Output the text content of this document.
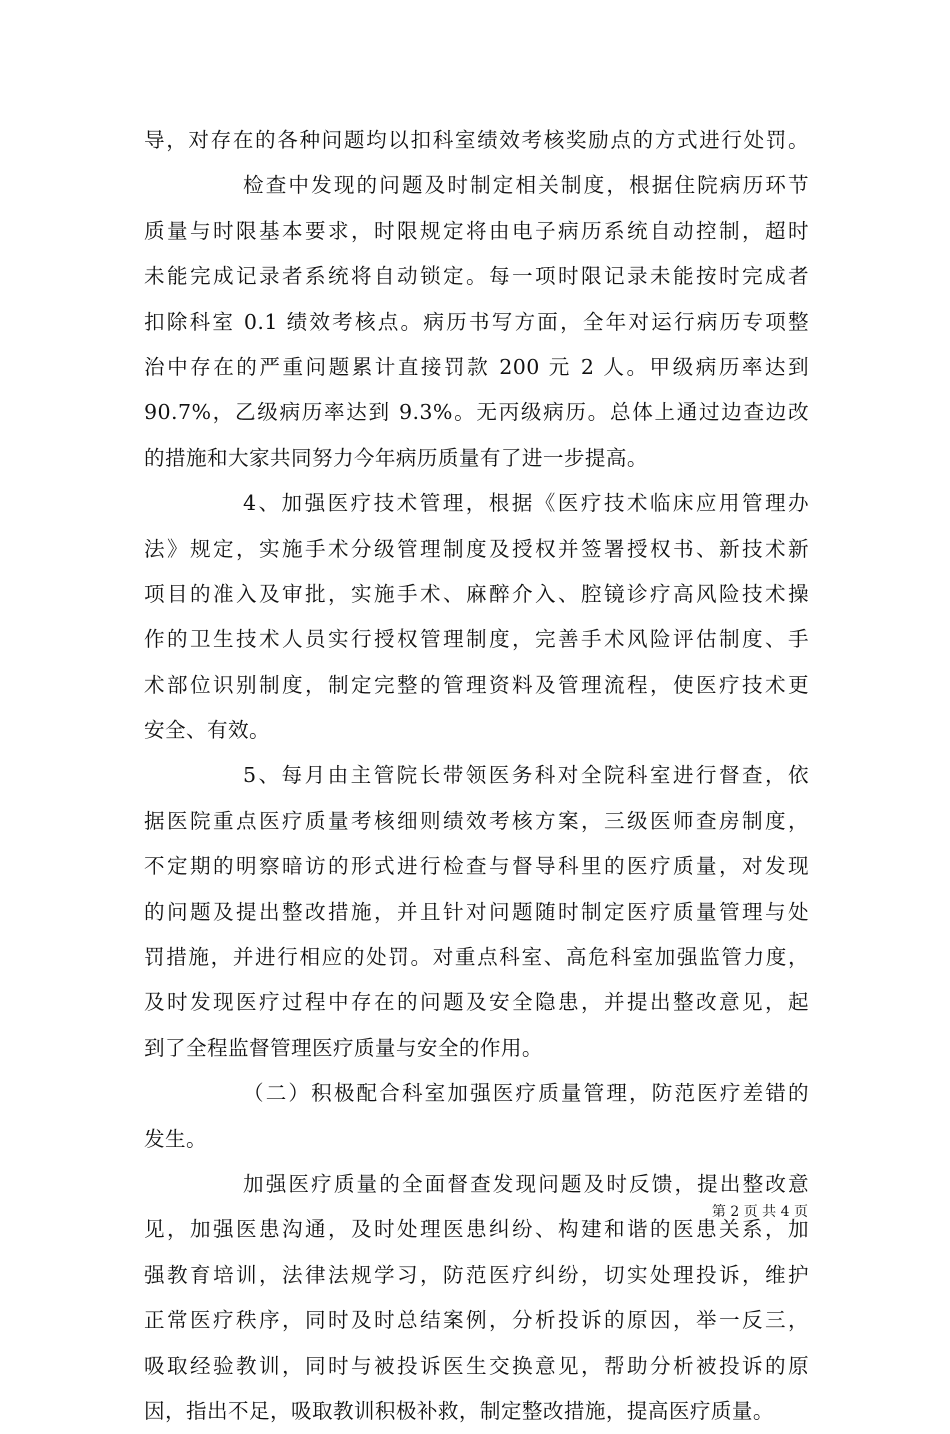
导，对存在的各种问题均以扣科室绩效考核奖励点的方式进行处罚。
检查中发现的问题及时制定相关制度，根据住院病历环节
质量与时限基本要求，时限规定将由电子病历系统自动控制，超时
未能完成记录者系统将自动锁定。每一项时限记录未能按时完成者
扣除科室 0.1 绩效考核点。病历书写方面，全年对运行病历专项整
治中存在的严重问题累计直接罚款 200 元 2 人。甲级病历率达到
90.7%，乙级病历率达到 9.3%。无丙级病历。总体上通过边查边改
的措施和大家共同努力今年病历质量有了进一步提高。
4、加强医疗技术管理，根据《医疗技术临床应用管理办
法》规定，实施手术分级管理制度及授权并签署授权书、新技术新
项目的准入及审批，实施手术、麻醉介入、腔镜诊疗高风险技术操
作的卫生技术人员实行授权管理制度，完善手术风险评估制度、手
术部位识别制度，制定完整的管理资料及管理流程，使医疗技术更
安全、有效。
5、每月由主管院长带领医务科对全院科室进行督查，依
据医院重点医疗质量考核细则绩效考核方案，三级医师查房制度，
不定期的明察暗访的形式进行检查与督导科里的医疗质量，对发现
的问题及提出整改措施，并且针对问题随时制定医疗质量管理与处
罚措施，并进行相应的处罚。对重点科室、高危科室加强监管力度，
及时发现医疗过程中存在的问题及安全隐患，并提出整改意见，起
到了全程监督管理医疗质量与安全的作用。
（二）积极配合科室加强医疗质量管理，防范医疗差错的
发生。
加强医疗质量的全面督查发现问题及时反馈，提出整改意
见，加强医患沟通，及时处理医患纠纷、构建和谐的医患关系，加
强教育培训，法律法规学习，防范医疗纠纷，切实处理投诉，维护
正常医疗秩序，同时及时总结案例，分析投诉的原因，举一反三，
吸取经验教训，同时与被投诉医生交换意见，帮助分析被投诉的原
因，指出不足，吸取教训积极补救，制定整改措施，提高医疗质量。
第 2 页 共 4 页
